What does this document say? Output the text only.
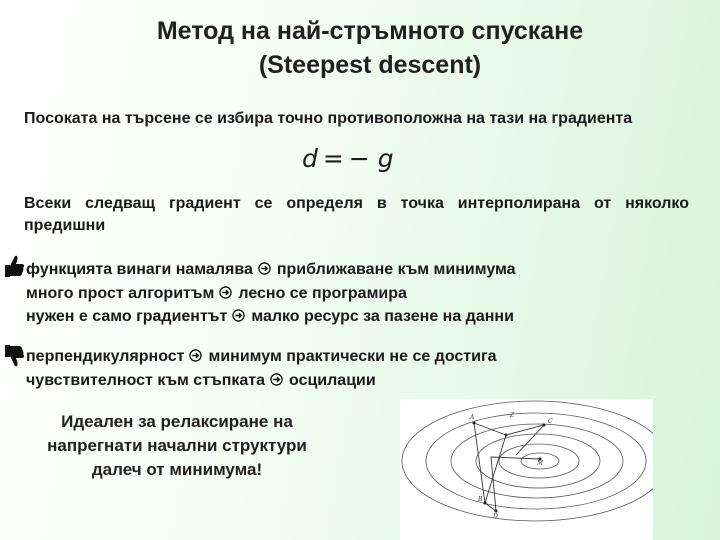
Метод на най-стръмното спускане
(Steepest descent)
Посоката на търсене се избира точно противоположна на тази на градиента
d = − g
Всеки следващ градиент се определя в точка интерполирана от няколко предишни
функцията винаги намалява приближаване към минимума
много прост алгоритъм лесно се програмира
нужен е само градиентът малко ресурс за пазене на данни
перпендикулярност минимум практически не се достига
чувствителност към стъпката осцилации
Идеален за релаксиране на
напрегнати начални структури
далеч от минимума!
A	Z
C
M
B
D
